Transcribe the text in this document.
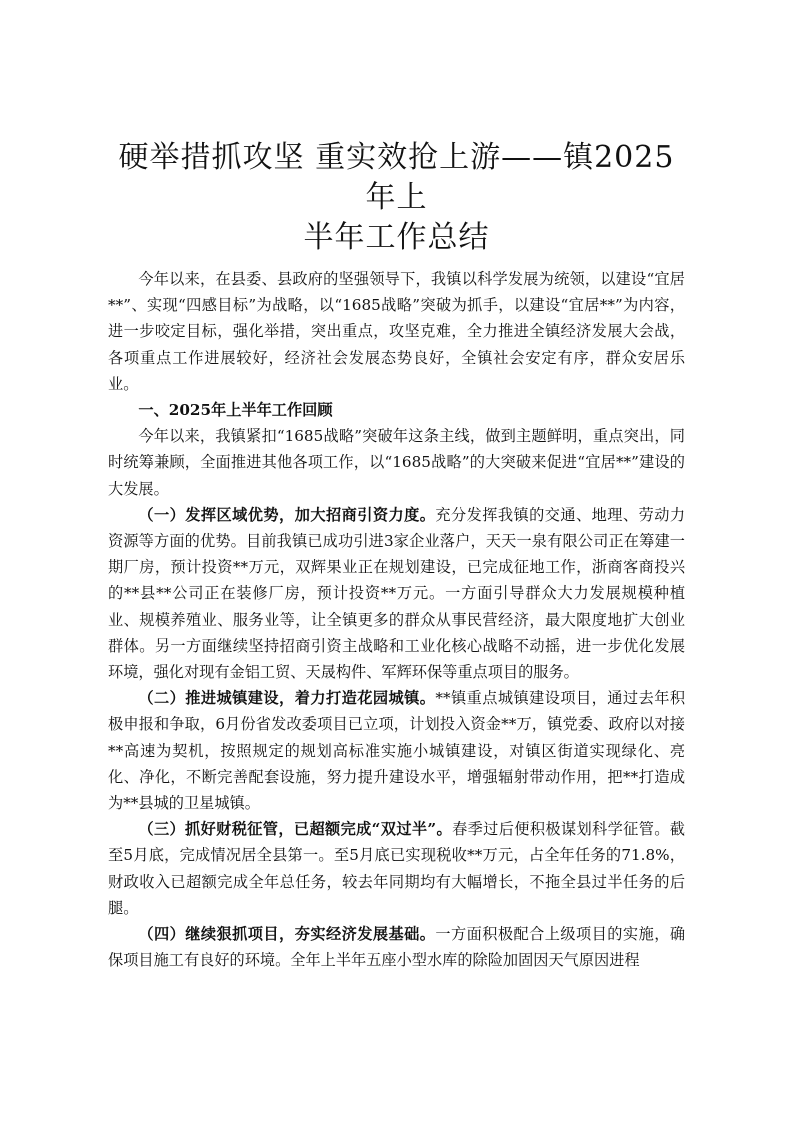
硬举措抓攻坚 重实效抢上游——镇2025 年上
半年工作总结

今年以来，在县委、县政府的坚强领导下，我镇以科学发展为统领，以建设“宜居**”、实现“四感目标”为战略，以“1685战略”突破为抓手，以建设“宜居**”为内容，进一步咬定目标，强化举措，突出重点，攻坚克难，全力推进全镇经济发展大会战，各项重点工作进展较好，经济社会发展态势良好，全镇社会安定有序，群众安居乐业。

一、2025年上半年工作回顾

今年以来，我镇紧扣“1685战略”突破年这条主线，做到主题鲜明，重点突出，同时统筹兼顾，全面推进其他各项工作，以“1685战略”的大突破来促进“宜居**”建设的大发展。

（一）发挥区域优势，加大招商引资力度。充分发挥我镇的交通、地理、劳动力资源等方面的优势。目前我镇已成功引进3家企业落户，天天一泉有限公司正在筹建一期厂房，预计投资**万元，双辉果业正在规划建设，已完成征地工作，浙商客商投兴的**县**公司正在装修厂房，预计投资**万元。一方面引导群众大力发展规模种植业、规模养殖业、服务业等，让全镇更多的群众从事民营经济，最大限度地扩大创业群体。另一方面继续坚持招商引资主战略和工业化核心战略不动摇，进一步优化发展环境，强化对现有金铝工贸、天晟构件、军辉环保等重点项目的服务。

（二）推进城镇建设，着力打造花园城镇。**镇重点城镇建设项目，通过去年积极申报和争取，6月份省发改委项目已立项，计划投入资金**万，镇党委、政府以对接**高速为契机，按照规定的规划高标准实施小城镇建设，对镇区街道实现绿化、亮化、净化，不断完善配套设施，努力提升建设水平，增强辐射带动作用，把**打造成为**县城的卫星城镇。

（三）抓好财税征管，已超额完成“双过半”。春季过后便积极谋划科学征管。截至5月底，完成情况居全县第一。至5月底已实现税收**万元，占全年任务的71.8%，财政收入已超额完成全年总任务，较去年同期均有大幅增长，不拖全县过半任务的后腿。

（四）继续狠抓项目，夯实经济发展基础。一方面积极配合上级项目的实施，确保项目施工有良好的环境。全年上半年五座小型水库的除险加固因天气原因进程
